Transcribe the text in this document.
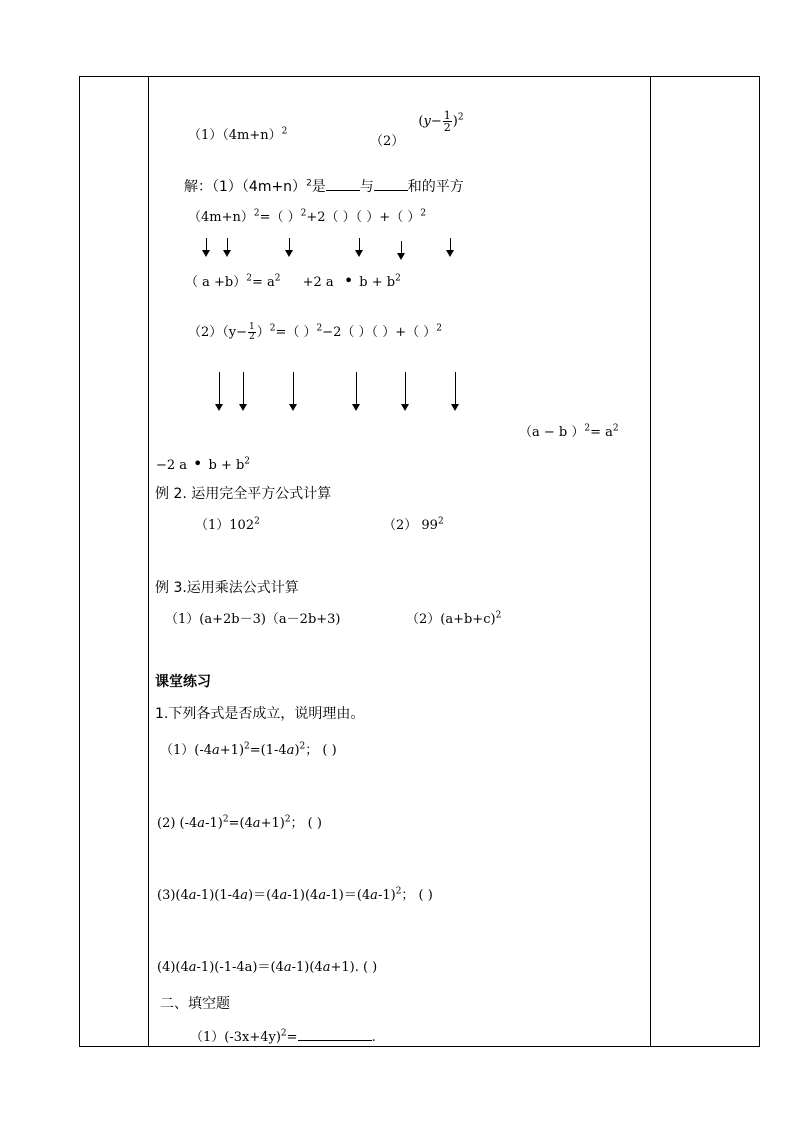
$(1)(4m+n)^2$
（2） $(y- \frac{1}{2} )^2$
解：$(1)(4m+n)^2$是 与 和的平方
$(4m+n)^2=$（ ）$^2$+2（ ）（ ）+（ ）$^2$
（ $a +b)^2= a^2 +2$ a • $b + b^2$
$(2)(y- \frac{1}{2} )^2=$（ ）$^2$−2（ ）（ ）+（ ）$^2$
（a − b ）$^2= a^2$
−2 a • $b + b^2$
例 2. 运用完全平方公式计算
$(1)102^2$	（2） $99^2$
例 3.运用乘法公式计算
（1）(a+2b－3)（a－2b+3)	$(2)(a+b+c)^2$
课堂练习
1.下列各式是否成立，说明理由。
$(1)(-4a+1)^2=(1-4a)^2$； ( )
(2) $(-4a-1)^2=(4a+1)^2$； ( )
$(3)(4a-1)(1-4a)=(4a-1)(4a-1)=(4a-1)^2$； ( )
(4)(4a-1)(-1-4a)＝(4a-1)(4a+1). ( )
二、填空题
$(1)(-3x+4y)^2=$	.
